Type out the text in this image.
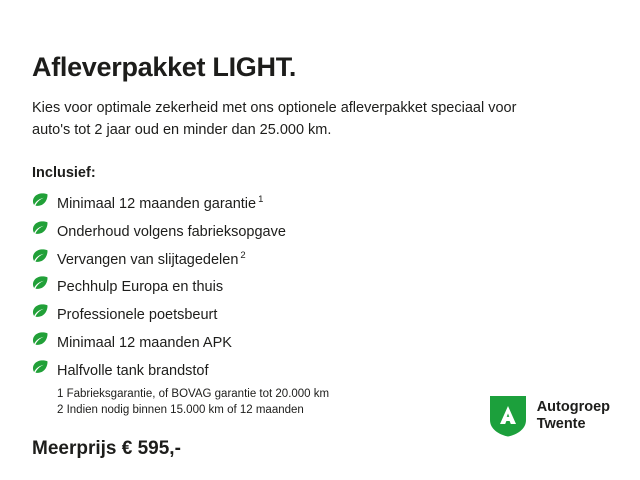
Afleverpakket LIGHT.

Kies voor optimale zekerheid met ons optionele afleverpakket speciaal voor auto's tot 2 jaar oud en minder dan 25.000 km.

Inclusief:

Minimaal 12 maanden garantie $^1$
Onderhoud volgens fabrieksopgave
Vervangen van slijtagedelen $^2$
Pechhulp Europa en thuis
Professionele poetsbeurt
Minimaal 12 maanden APK
Halfvolle tank brandstof
1 Fabrieksgarantie, of BOVAG garantie tot 20.000 km
2 Indien nodig binnen 15.000 km of 12 maanden
Meerprijs € 595,-
Autogroep
Twente
